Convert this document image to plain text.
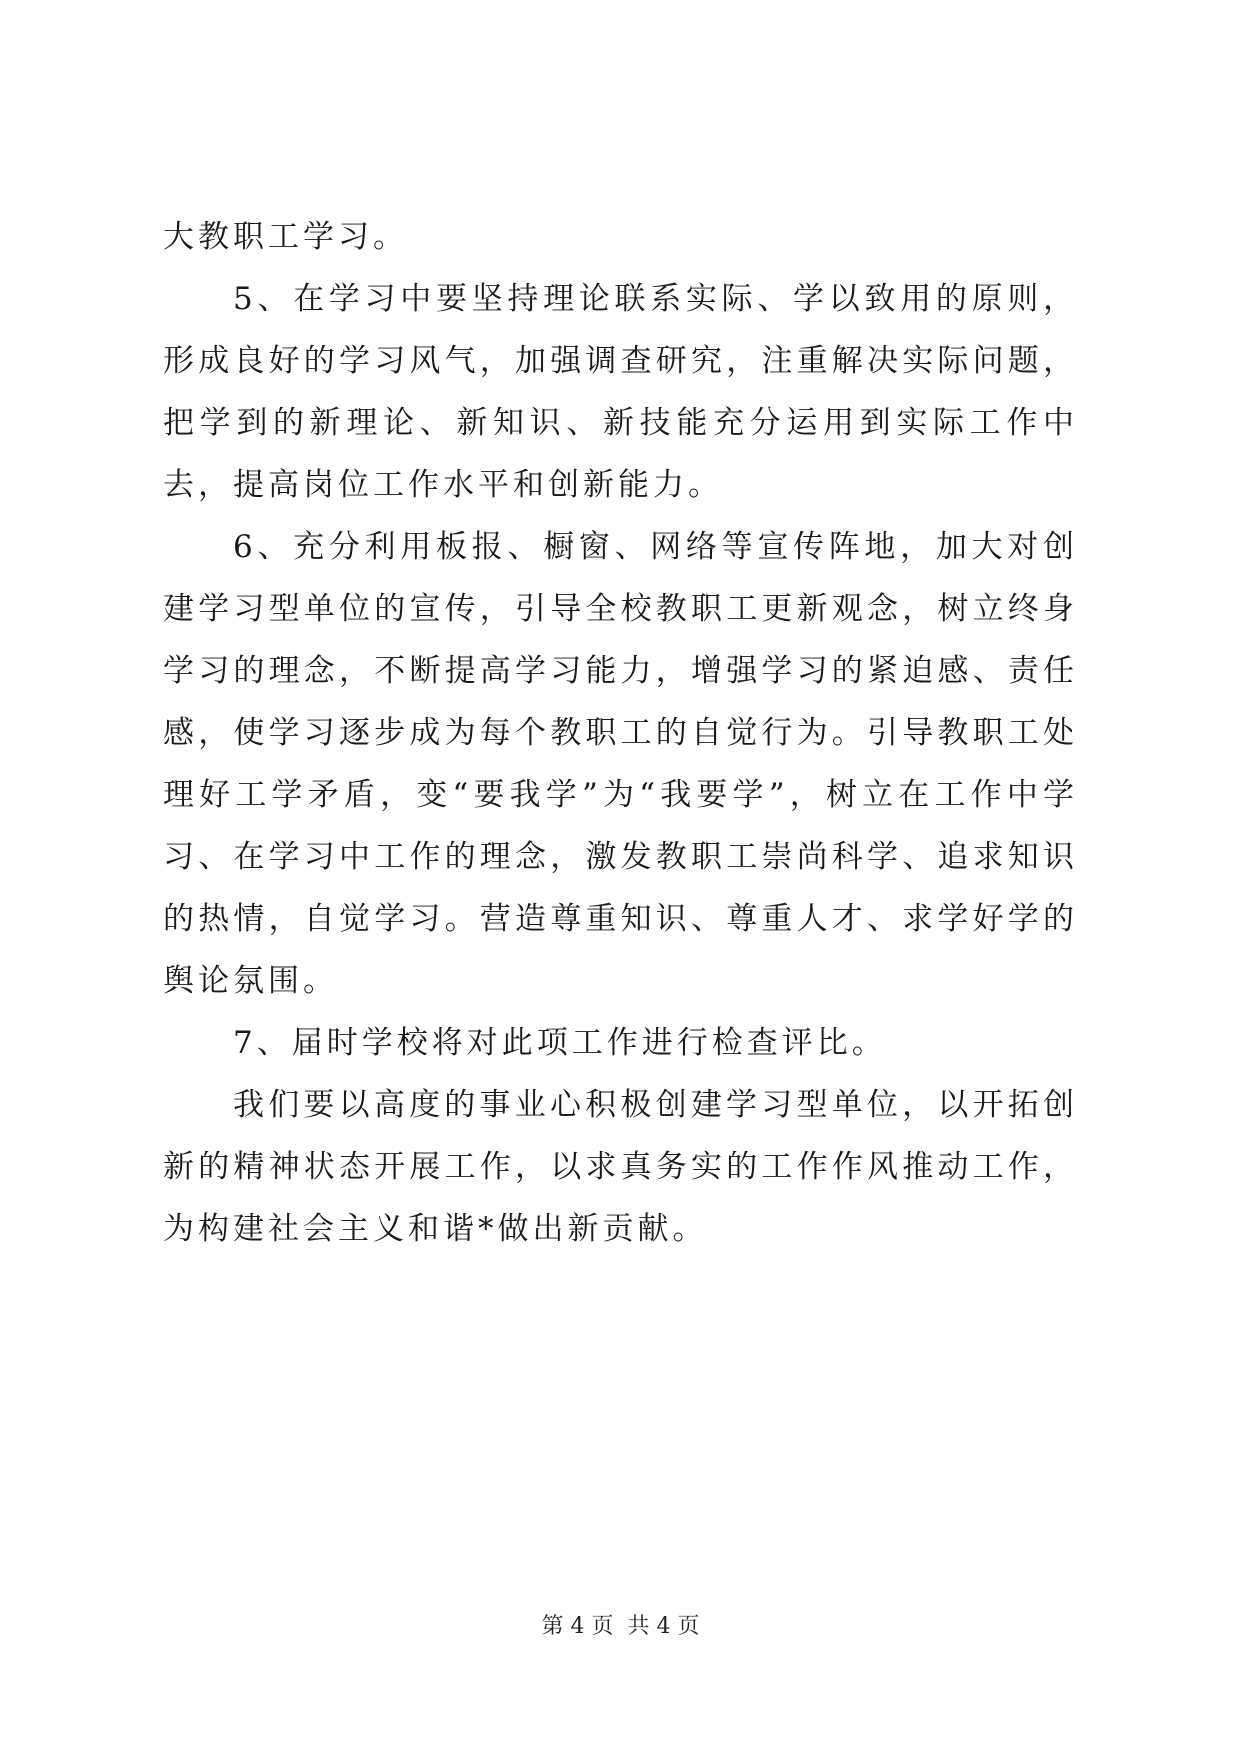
大教职工学习。

5、在学习中要坚持理论联系实际、学以致用的原则，形成良好的学习风气，加强调查研究，注重解决实际问题，把学到的新理论、新知识、新技能充分运用到实际工作中去，提高岗位工作水平和创新能力。

6、充分利用板报、橱窗、网络等宣传阵地，加大对创建学习型单位的宣传，引导全校教职工更新观念，树立终身学习的理念，不断提高学习能力，增强学习的紧迫感、责任感，使学习逐步成为每个教职工的自觉行为。引导教职工处理好工学矛盾，变“要我学”为“我要学”，树立在工作中学习、在学习中工作的理念，激发教职工崇尚科学、追求知识的热情，自觉学习。营造尊重知识、尊重人才、求学好学的舆论氛围。

7、届时学校将对此项工作进行检查评比。

我们要以高度的事业心积极创建学习型单位，以开拓创新的精神状态开展工作，以求真务实的工作作风推动工作，为构建社会主义和谐*做出新贡献。

第 4 页  共 4 页
